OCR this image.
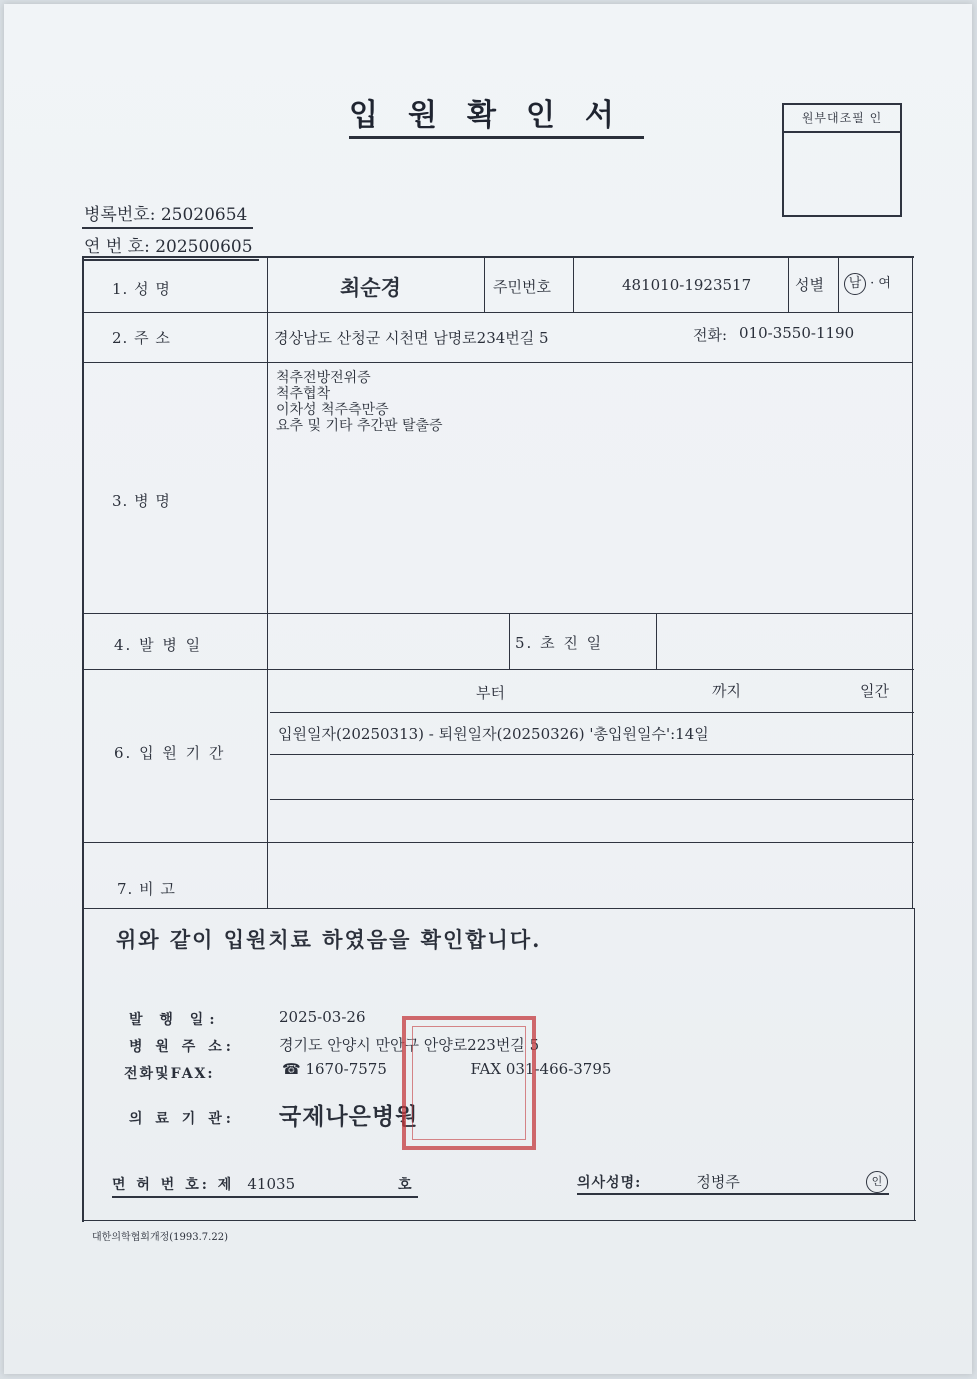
입원확인서	원부대조필 인
병록번호: 25020654
연 번 호: 202500605
1. 성 명	최순경	주민번호	481010-1923517	성별	남 · 여
2. 주 소	경상남도 산청군 시천면 남명로234번길 5	전화: 010-3550-1190
3. 병 명
척추전방전위증
척추협착
이차성 척주측만증
요추 및 기타 추간판 탈출증
4. 발 병 일	5. 초 진 일
6. 입 원 기 간
부터	까지	일간
입원일자(20250313) - 퇴원일자(20250326) '총입원일수':14일
7. 비 고
위와 같이 입원치료 하였음을 확인합니다.
발 행 일:	2025-03-26
병 원 주 소:	경기도 안양시 만안구 안양로223번길 5
전화및FAX:	☎ 1670-7575	FAX 031-466-3795
의 료 기 관: 국제나은병원
면 허 번 호: 제 41035	호	의사성명:	정병주	인
대한의학협회개정(1993.7.22)
